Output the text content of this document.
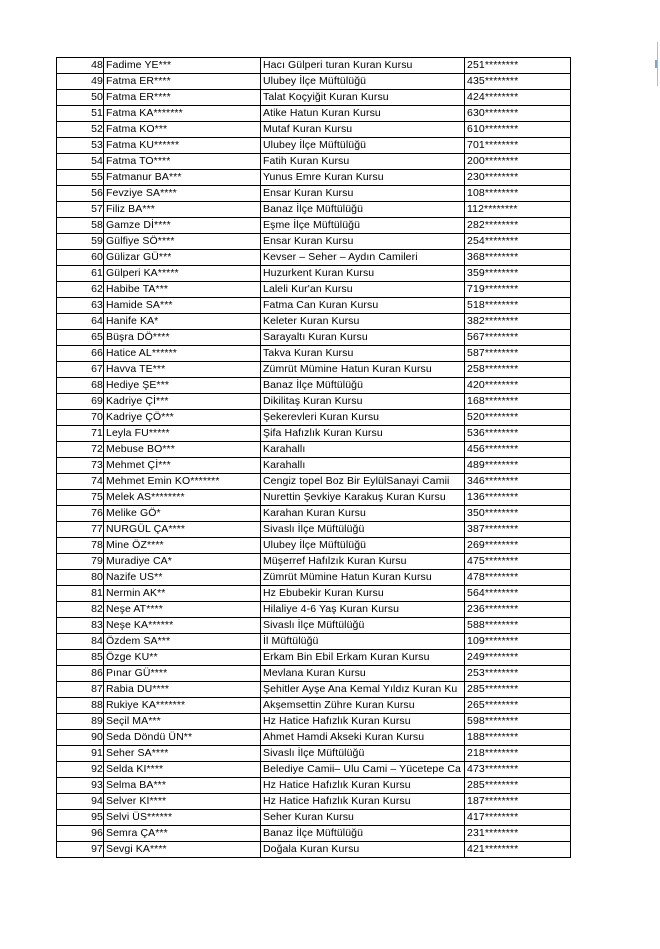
48	Fadime YE***	Hacı Gülperi turan Kuran Kursu	251********
49	Fatma ER****	Ulubey İlçe Müftülüğü	435********
50	Fatma ER****	Talat Koçyiğit Kuran Kursu	424********
51	Fatma KA*******	Atike Hatun Kuran Kursu	630********
52	Fatma KO***	Mutaf Kuran Kursu	610********
53	Fatma KU******	Ulubey İlçe Müftülüğü	701********
54	Fatma TO****	Fatih Kuran Kursu	200********
55	Fatmanur BA***	Yunus Emre Kuran Kursu	230********
56	Fevziye SA****	Ensar Kuran Kursu	108********
57	Filiz BA***	Banaz İlçe Müftülüğü	112********
58	Gamze Dİ****	Eşme İlçe Müftülüğü	282********
59	Gülfiye SÖ****	Ensar Kuran Kursu	254********
60	Gülizar GÜ***	Kevser – Seher – Aydın Camileri	368********
61	Gülperi KA*****	Huzurkent Kuran Kursu	359********
62	Habibe TA***	Laleli Kur'an Kursu	719********
63	Hamide SA***	Fatma Can Kuran Kursu	518********
64	Hanife KA*	Keleter Kuran Kursu	382********
65	Büşra DÖ****	Sarayaltı Kuran Kursu	567********
66	Hatice AL******	Takva Kuran Kursu	587********
67	Havva TE***	Zümrüt Mümine Hatun Kuran Kursu	258********
68	Hediye ŞE***	Banaz İlçe Müftülüğü	420********
69	Kadriye Çİ***	Dikilitaş Kuran Kursu	168********
70	Kadriye ÇÖ***	Şekerevleri Kuran Kursu	520********
71	Leyla FU*****	Şifa Hafızlık Kuran Kursu	536********
72	Mebuse BO***	Karahallı	456********
73	Mehmet Çİ***	Karahallı	489********
74	Mehmet Emin KO*******	Cengiz topel Boz Bir EylülSanayi Camii	346********
75	Melek AS********	Nurettin Şevkiye Karakuş Kuran Kursu	136********
76	Melike GÖ*	Karahan Kuran Kursu	350********
77	NURGÜL ÇA****	Sivaslı İlçe Müftülüğü	387********
78	Mine ÖZ****	Ulubey İlçe Müftülüğü	269********
79	Muradiye CA*	Müşerref Hafılzık Kuran Kursu	475********
80	Nazife US**	Zümrüt Mümine Hatun Kuran Kursu	478********
81	Nermin AK**	Hz Ebubekir Kuran Kursu	564********
82	Neşe AT****	Hilaliye 4-6 Yaş Kuran Kursu	236********
83	Neşe KA******	Sivaslı İlçe Müftülüğü	588********
84	Özdem SA***	İl Müftülüğü	109********
85	Özge KU**	Erkam Bin Ebil Erkam Kuran Kursu	249********
86	Pınar GÜ****	Mevlana Kuran Kursu	253********
87	Rabia DU****	Şehitler Ayşe Ana Kemal Yıldız Kuran Ku	285********
88	Rukiye KA*******	Akşemsettin Zühre Kuran Kursu	265********
89	Seçil MA***	Hz Hatice Hafızlık Kuran Kursu	598********
90	Seda Döndü ÜN**	Ahmet Hamdi Akseki Kuran Kursu	188********
91	Seher SA****	Sivaslı İlçe Müftülüğü	218********
92	Selda KI****	Belediye Camii– Ulu Cami – Yücetepe Ca	473********
93	Selma BA***	Hz Hatice Hafızlık Kuran Kursu	285********
94	Selver KI****	Hz Hatice Hafızlık Kuran Kursu	187********
95	Selvi ÜS******	Seher Kuran Kursu	417********
96	Semra ÇA***	Banaz İlçe Müftülüğü	231********
97	Sevgi KA****	Doğala Kuran Kursu	421********
